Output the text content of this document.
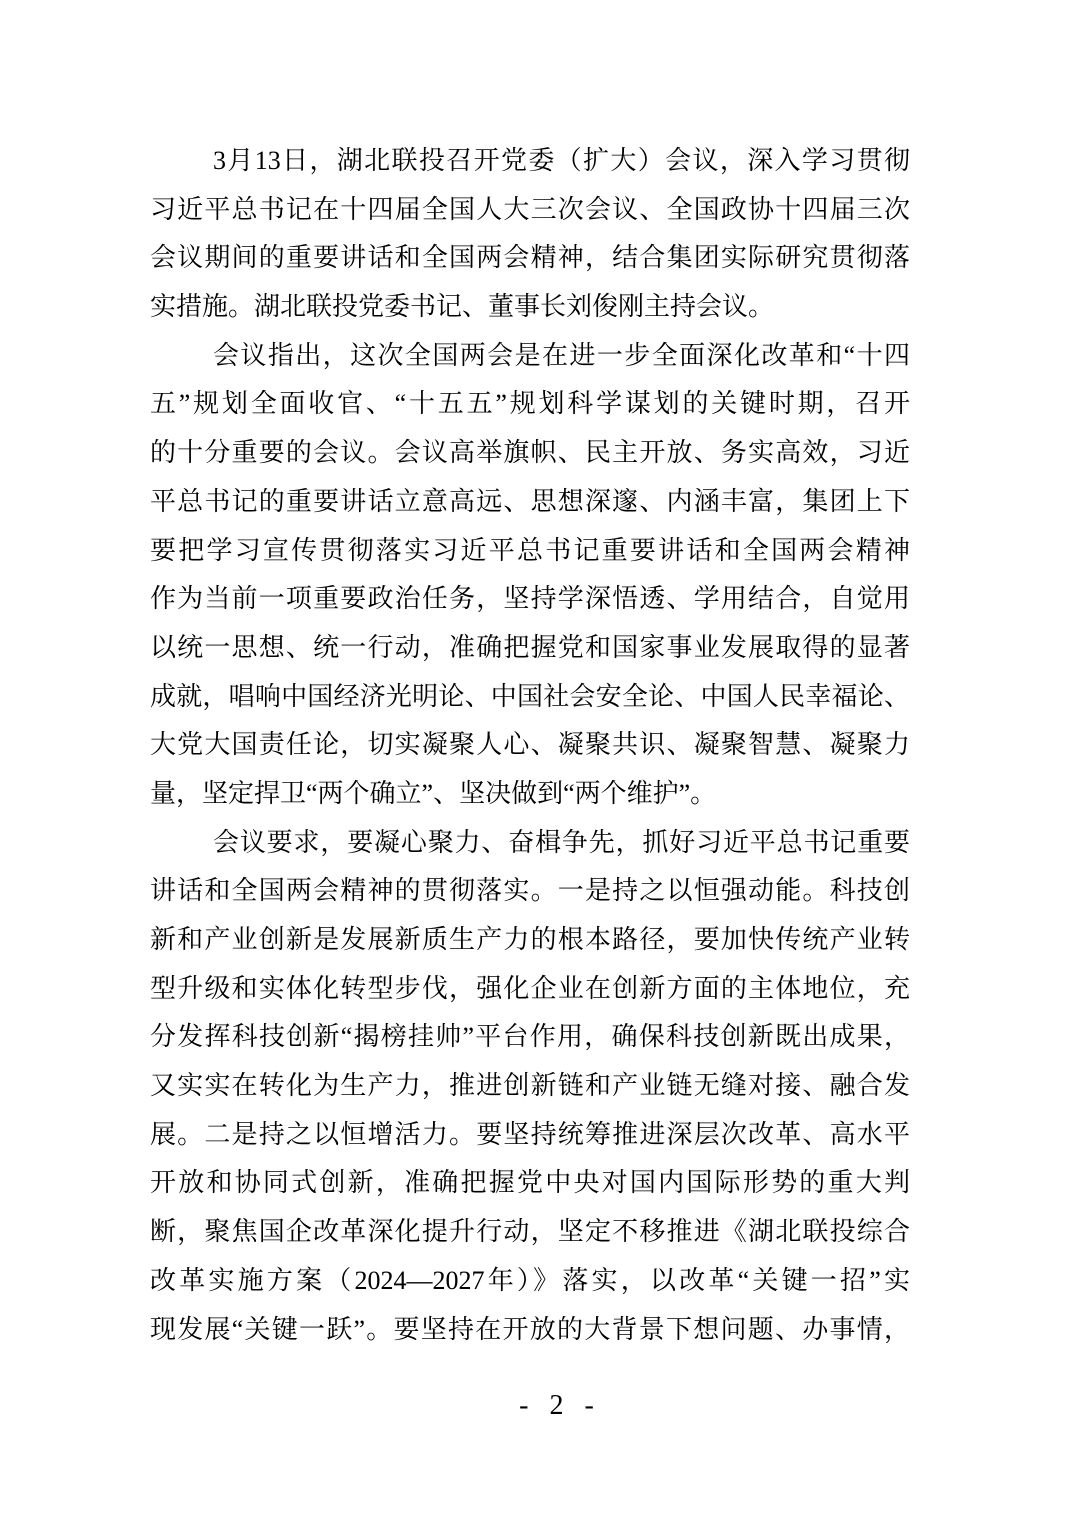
3月13日，湖北联投召开党委（扩大）会议，深入学习贯彻
习近平总书记在十四届全国人大三次会议、全国政协十四届三次
会议期间的重要讲话和全国两会精神，结合集团实际研究贯彻落
实措施。湖北联投党委书记、董事长刘俊刚主持会议。
会议指出，这次全国两会是在进一步全面深化改革和“十四
五”规划全面收官、“十五五”规划科学谋划的关键时期，召开
的十分重要的会议。会议高举旗帜、民主开放、务实高效，习近
平总书记的重要讲话立意高远、思想深邃、内涵丰富，集团上下
要把学习宣传贯彻落实习近平总书记重要讲话和全国两会精神
作为当前一项重要政治任务，坚持学深悟透、学用结合，自觉用
以统一思想、统一行动，准确把握党和国家事业发展取得的显著
成就，唱响中国经济光明论、中国社会安全论、中国人民幸福论、
大党大国责任论，切实凝聚人心、凝聚共识、凝聚智慧、凝聚力
量，坚定捍卫“两个确立”、坚决做到“两个维护”。
会议要求，要凝心聚力、奋楫争先，抓好习近平总书记重要
讲话和全国两会精神的贯彻落实。一是持之以恒强动能。科技创
新和产业创新是发展新质生产力的根本路径，要加快传统产业转
型升级和实体化转型步伐，强化企业在创新方面的主体地位，充
分发挥科技创新“揭榜挂帅”平台作用，确保科技创新既出成果，
又实实在转化为生产力，推进创新链和产业链无缝对接、融合发
展。二是持之以恒增活力。要坚持统筹推进深层次改革、高水平
开放和协同式创新，准确把握党中央对国内国际形势的重大判
断，聚焦国企改革深化提升行动，坚定不移推进《湖北联投综合
改革实施方案（2024—2027年）》落实，以改革“关键一招”实
现发展“关键一跃”。要坚持在开放的大背景下想问题、办事情，
- 2 -
